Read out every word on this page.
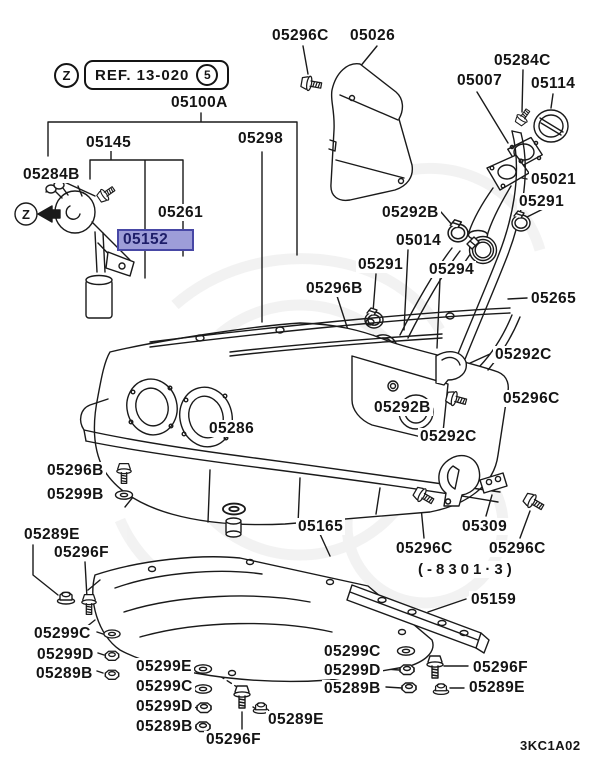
Z
Z	REF. 13-020	5
(-8301·3)
3KC1A02
05296C 05026
05284C
05007 05114
05100A
05145	05298
05284B	05021
05291
05292B
05261
05014
05152
05291 05294
05296B
05265
05292C
05296C
05292B
05292C
05286
05296B
05299B
05289E
05296F
05165	05309
05296C 05296C
05159
05299C
05299D
05289B	05299E
05299C
05299D
05289B	05289E
05296F
05299C
05299D
05289B
05296F
05289E
